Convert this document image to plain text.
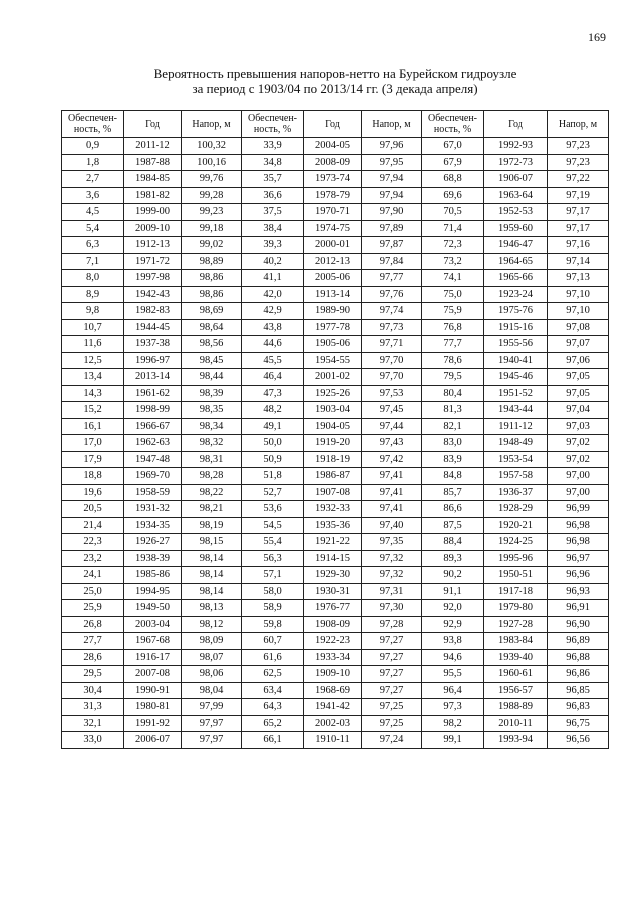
169
Вероятность превышения напоров-нетто на Бурейском гидроузле
за период с 1903/04 по 2013/14 гг. (3 декада апреля)
Обеспечен-ность, %	Год	Напор, м	Обеспечен-ность, %	Год	Напор, м	Обеспечен-ность, %	Год	Напор, м
0,9	2011-12	100,32	33,9	2004-05	97,96	67,0	1992-93	97,23
1,8	1987-88	100,16	34,8	2008-09	97,95	67,9	1972-73	97,23
2,7	1984-85	99,76	35,7	1973-74	97,94	68,8	1906-07	97,22
3,6	1981-82	99,28	36,6	1978-79	97,94	69,6	1963-64	97,19
4,5	1999-00	99,23	37,5	1970-71	97,90	70,5	1952-53	97,17
5,4	2009-10	99,18	38,4	1974-75	97,89	71,4	1959-60	97,17
6,3	1912-13	99,02	39,3	2000-01	97,87	72,3	1946-47	97,16
7,1	1971-72	98,89	40,2	2012-13	97,84	73,2	1964-65	97,14
8,0	1997-98	98,86	41,1	2005-06	97,77	74,1	1965-66	97,13
8,9	1942-43	98,86	42,0	1913-14	97,76	75,0	1923-24	97,10
9,8	1982-83	98,69	42,9	1989-90	97,74	75,9	1975-76	97,10
10,7	1944-45	98,64	43,8	1977-78	97,73	76,8	1915-16	97,08
11,6	1937-38	98,56	44,6	1905-06	97,71	77,7	1955-56	97,07
12,5	1996-97	98,45	45,5	1954-55	97,70	78,6	1940-41	97,06
13,4	2013-14	98,44	46,4	2001-02	97,70	79,5	1945-46	97,05
14,3	1961-62	98,39	47,3	1925-26	97,53	80,4	1951-52	97,05
15,2	1998-99	98,35	48,2	1903-04	97,45	81,3	1943-44	97,04
16,1	1966-67	98,34	49,1	1904-05	97,44	82,1	1911-12	97,03
17,0	1962-63	98,32	50,0	1919-20	97,43	83,0	1948-49	97,02
17,9	1947-48	98,31	50,9	1918-19	97,42	83,9	1953-54	97,02
18,8	1969-70	98,28	51,8	1986-87	97,41	84,8	1957-58	97,00
19,6	1958-59	98,22	52,7	1907-08	97,41	85,7	1936-37	97,00
20,5	1931-32	98,21	53,6	1932-33	97,41	86,6	1928-29	96,99
21,4	1934-35	98,19	54,5	1935-36	97,40	87,5	1920-21	96,98
22,3	1926-27	98,15	55,4	1921-22	97,35	88,4	1924-25	96,98
23,2	1938-39	98,14	56,3	1914-15	97,32	89,3	1995-96	96,97
24,1	1985-86	98,14	57,1	1929-30	97,32	90,2	1950-51	96,96
25,0	1994-95	98,14	58,0	1930-31	97,31	91,1	1917-18	96,93
25,9	1949-50	98,13	58,9	1976-77	97,30	92,0	1979-80	96,91
26,8	2003-04	98,12	59,8	1908-09	97,28	92,9	1927-28	96,90
27,7	1967-68	98,09	60,7	1922-23	97,27	93,8	1983-84	96,89
28,6	1916-17	98,07	61,6	1933-34	97,27	94,6	1939-40	96,88
29,5	2007-08	98,06	62,5	1909-10	97,27	95,5	1960-61	96,86
30,4	1990-91	98,04	63,4	1968-69	97,27	96,4	1956-57	96,85
31,3	1980-81	97,99	64,3	1941-42	97,25	97,3	1988-89	96,83
32,1	1991-92	97,97	65,2	2002-03	97,25	98,2	2010-11	96,75
33,0	2006-07	97,97	66,1	1910-11	97,24	99,1	1993-94	96,56
